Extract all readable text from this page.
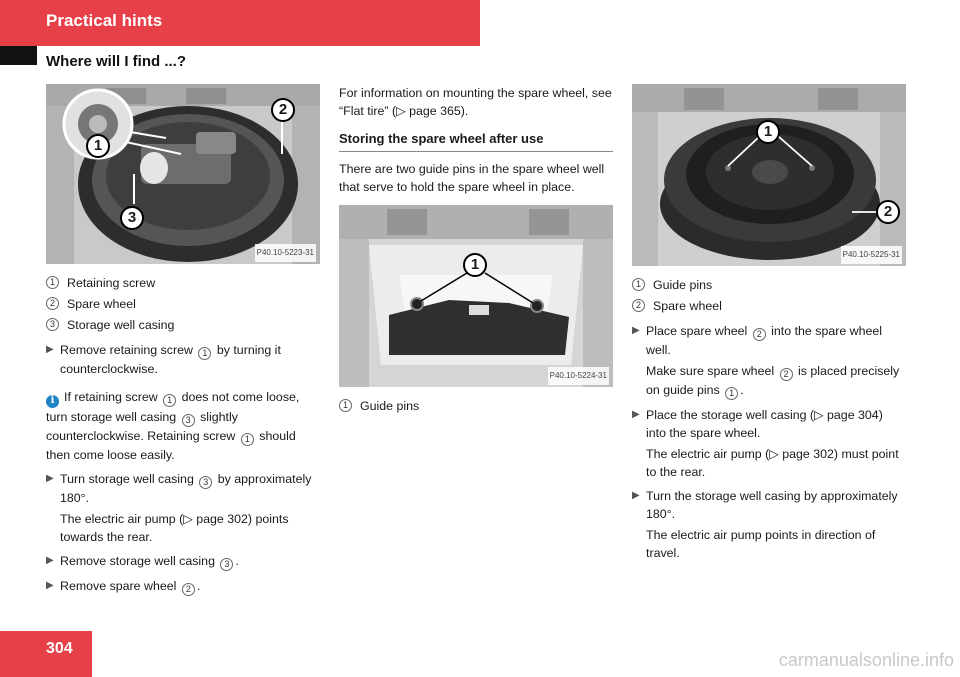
Practical hints
Where will I find ...?
1
2
3
P40.10-5223-31
1 Retaining screw
2 Spare wheel
3 Storage well casing
▶ Remove retaining screw 1 by turning it counterclockwise.

i If retaining screw 1 does not come loose, turn storage well casing 3 slightly counterclockwise. Retaining screw 1 should then come loose easily.

▶ Turn storage well casing 3 by approximately 180°.

The electric air pump (▷ page 302) points towards the rear.

▶ Remove storage well casing 3 .

▶ Remove spare wheel 2 .

For information on mounting the spare wheel, see “Flat tire” (▷ page 365).

Storing the spare wheel after use

There are two guide pins in the spare wheel well that serve to hold the spare wheel in place.

1
P40.10-5224-31
1 Guide pins
1
2
P40.10-5225-31
1 Guide pins
2 Spare wheel
▶ Place spare wheel 2 into the spare wheel well.

Make sure spare wheel 2 is placed precisely on guide pins 1 .

▶ Place the storage well casing (▷ page 304) into the spare wheel.

The electric air pump (▷ page 302) must point to the rear.

▶ Turn the storage well casing by approximately 180°.

The electric air pump points in direction of travel.

304
carmanualsonline.info
